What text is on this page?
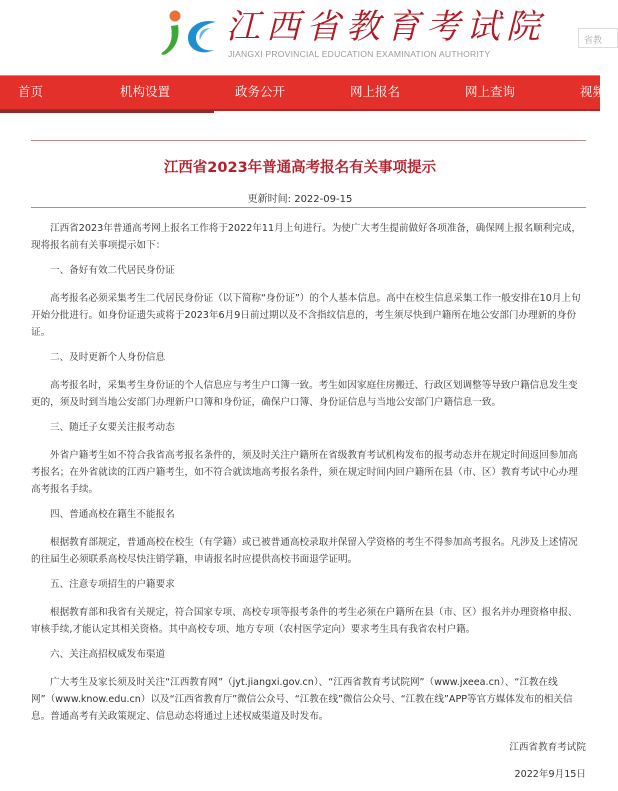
江西省教育考试院
JIANGXI PROVINCIAL EDUCATION EXAMINATION AUTHORITY
省教
首页	机构设置	政务公开	网上报名	网上查询	视频
江西省2023年普通高考报名有关事项提示
更新时间: 2022-09-15

江西省2023年普通高考网上报名工作将于2022年11月上旬进行。为使广大考生提前做好各项准备，确保网上报名顺利完成，现将报名前有关事项提示如下：

一、备好有效二代居民身份证

高考报名必须采集考生二代居民身份证（以下简称“身份证”）的个人基本信息。高中在校生信息采集工作一般安排在10月上旬开始分批进行。如身份证遗失或将于2023年6月9日前过期以及不含指纹信息的，考生须尽快到户籍所在地公安部门办理新的身份证。

二、及时更新个人身份信息

高考报名时，采集考生身份证的个人信息应与考生户口簿一致。考生如因家庭住房搬迁、行政区划调整等导致户籍信息发生变更的，须及时到当地公安部门办理新户口簿和身份证，确保户口簿、身份证信息与当地公安部门户籍信息一致。

三、随迁子女要关注报考动态

外省户籍考生如不符合我省高考报名条件的，须及时关注户籍所在省级教育考试机构发布的报考动态并在规定时间返回参加高考报名；在外省就读的江西户籍考生，如不符合就读地高考报名条件，须在规定时间内回户籍所在县（市、区）教育考试中心办理高考报名手续。

四、普通高校在籍生不能报名

根据教育部规定，普通高校在校生（有学籍）或已被普通高校录取并保留入学资格的考生不得参加高考报名。凡涉及上述情况的往届生必须联系高校尽快注销学籍，申请报名时应提供高校书面退学证明。

五、注意专项招生的户籍要求

根据教育部和我省有关规定，符合国家专项、高校专项等报考条件的考生必须在户籍所在县（市、区）报名并办理资格申报、审核手续,才能认定其相关资格。其中高校专项、地方专项（农村医学定向）要求考生具有我省农村户籍。

六、关注高招权威发布渠道

广大考生及家长须及时关注“江西教育网”（jyt.jiangxi.gov.cn）、“江西省教育考试院网”（www.jxeea.cn）、“江教在线网”（www.know.edu.cn）以及“江西省教育厅”微信公众号、“江教在线”微信公众号、“江教在线”APP等官方媒体发布的相关信息。普通高考有关政策规定、信息动态将通过上述权威渠道及时发布。

江西省教育考试院

2022年9月15日
